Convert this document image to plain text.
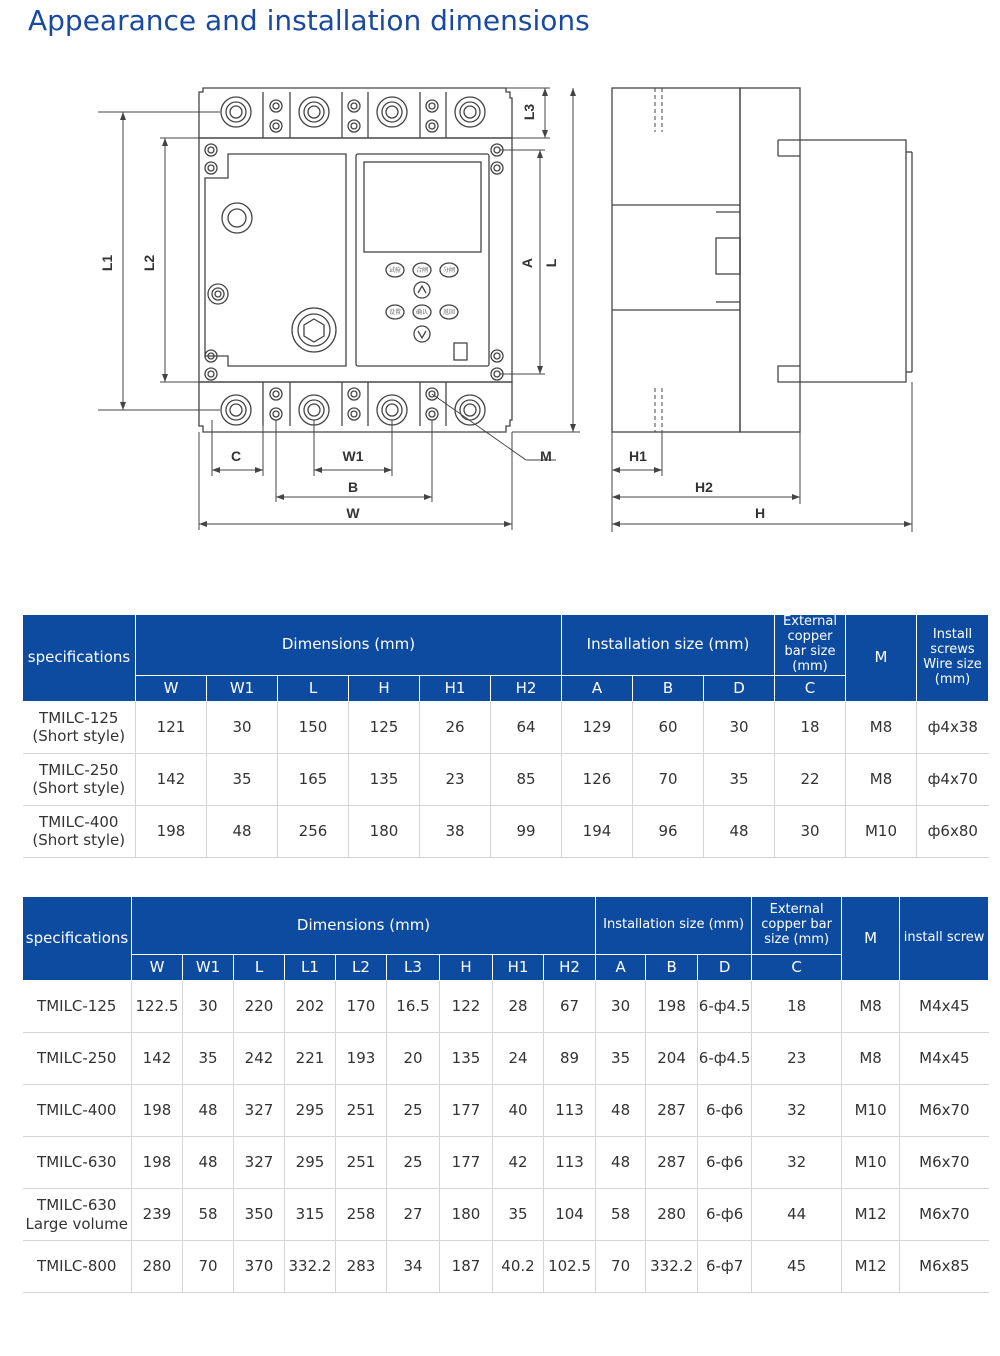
Appearance and installation dimensions
试验 合闸 分闸
设置 确认 返回
L1 L2
L3
A L
C	W1	M
B
W
H1
H2
H
specifications	Dimensions (mm)						Installation size (mm)			External copper bar size (mm)	M	Install screws Wire size (mm)
	W	W1	L	H	H1	H2	A	B	D	C		
TMILC-125
(Short style)	121	30	150	125	26	64	129	60	30	18	M8	ф4x38
TMILC-250
(Short style)	142	35	165	135	23	85	126	70	35	22	M8	ф4x70
TMILC-400
(Short style)	198	48	256	180	38	99	194	96	48	30	M10	ф6x80
specifications	Dimensions (mm)									Installation size (mm)			External copper bar size (mm)	M	install screw
	W	W1	L	L1	L2	L3	H	H1	H2	A	B	D	C		
TMILC-125	122.5	30	220	202	170	16.5	122	28	67	30	198	6-ф4.5	18	M8	M4x45
TMILC-250	142	35	242	221	193	20	135	24	89	35	204	6-ф4.5	23	M8	M4x45
TMILC-400	198	48	327	295	251	25	177	40	113	48	287	6-ф6	32	M10	M6x70
TMILC-630	198	48	327	295	251	25	177	42	113	48	287	6-ф6	32	M10	M6x70
TMILC-630
Large volume	239	58	350	315	258	27	180	35	104	58	280	6-ф6	44	M12	M6x70
TMILC-800	280	70	370	332.2	283	34	187	40.2	102.5	70	332.2	6-ф7	45	M12	M6x85
